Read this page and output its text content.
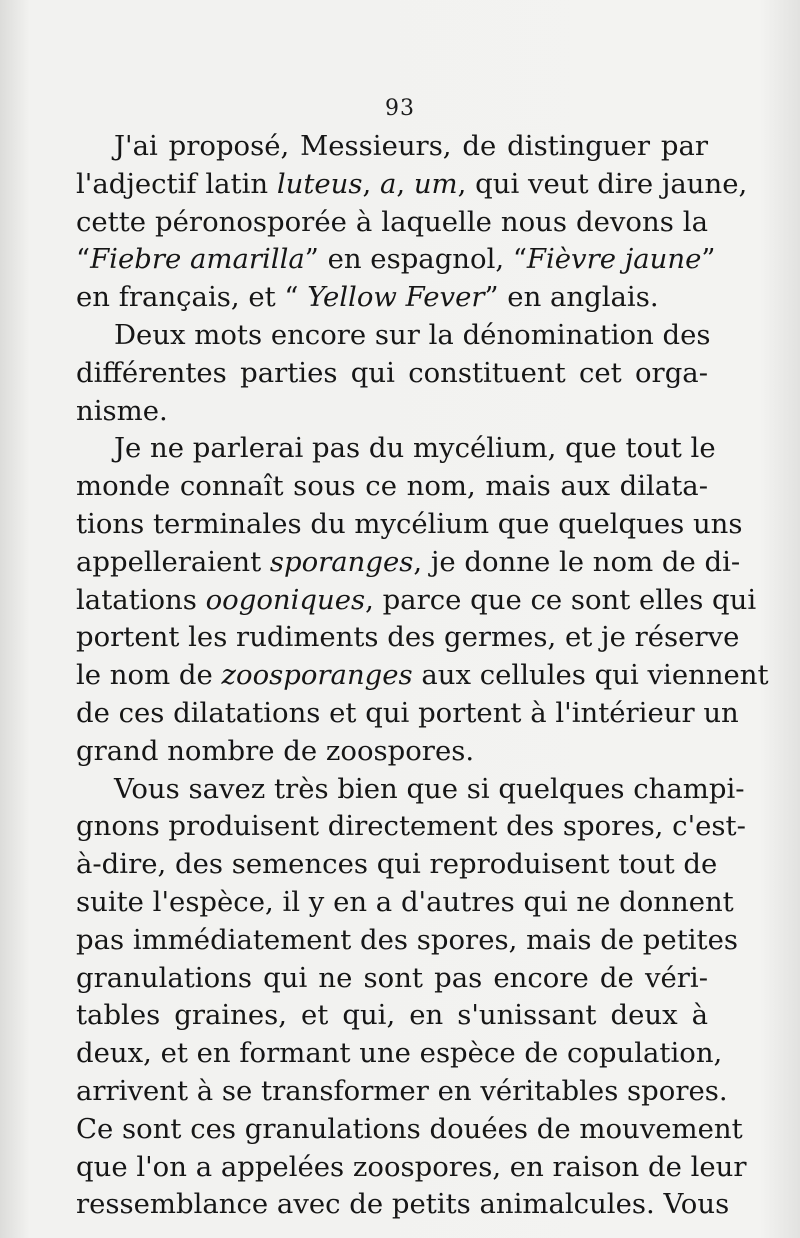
93
J'ai proposé, Messieurs, de distinguer par
l'adjectif latin luteus, a, um, qui veut dire jaune,
cette péronosporée à laquelle nous devons la
“Fiebre amarilla” en espagnol, “Fièvre jaune”
en français, et “ Yellow Fever” en anglais.
Deux mots encore sur la dénomination des
différentes parties qui constituent cet orga-
nisme.
Je ne parlerai pas du mycélium, que tout le
monde connaît sous ce nom, mais aux dilata-
tions terminales du mycélium que quelques uns
appelleraient sporanges, je donne le nom de di-
latations oogoniques, parce que ce sont elles qui
portent les rudiments des germes, et je réserve
le nom de zoosporanges aux cellules qui viennent
de ces dilatations et qui portent à l'intérieur un
grand nombre de zoospores.
Vous savez très bien que si quelques champi-
gnons produisent directement des spores, c'est-
à-dire, des semences qui reproduisent tout de
suite l'espèce, il y en a d'autres qui ne donnent
pas immédiatement des spores, mais de petites
granulations qui ne sont pas encore de véri-
tables graines, et qui, en s'unissant deux à
deux, et en formant une espèce de copulation,
arrivent à se transformer en véritables spores.
Ce sont ces granulations douées de mouvement
que l'on a appelées zoospores, en raison de leur
ressemblance avec de petits animalcules. Vous
